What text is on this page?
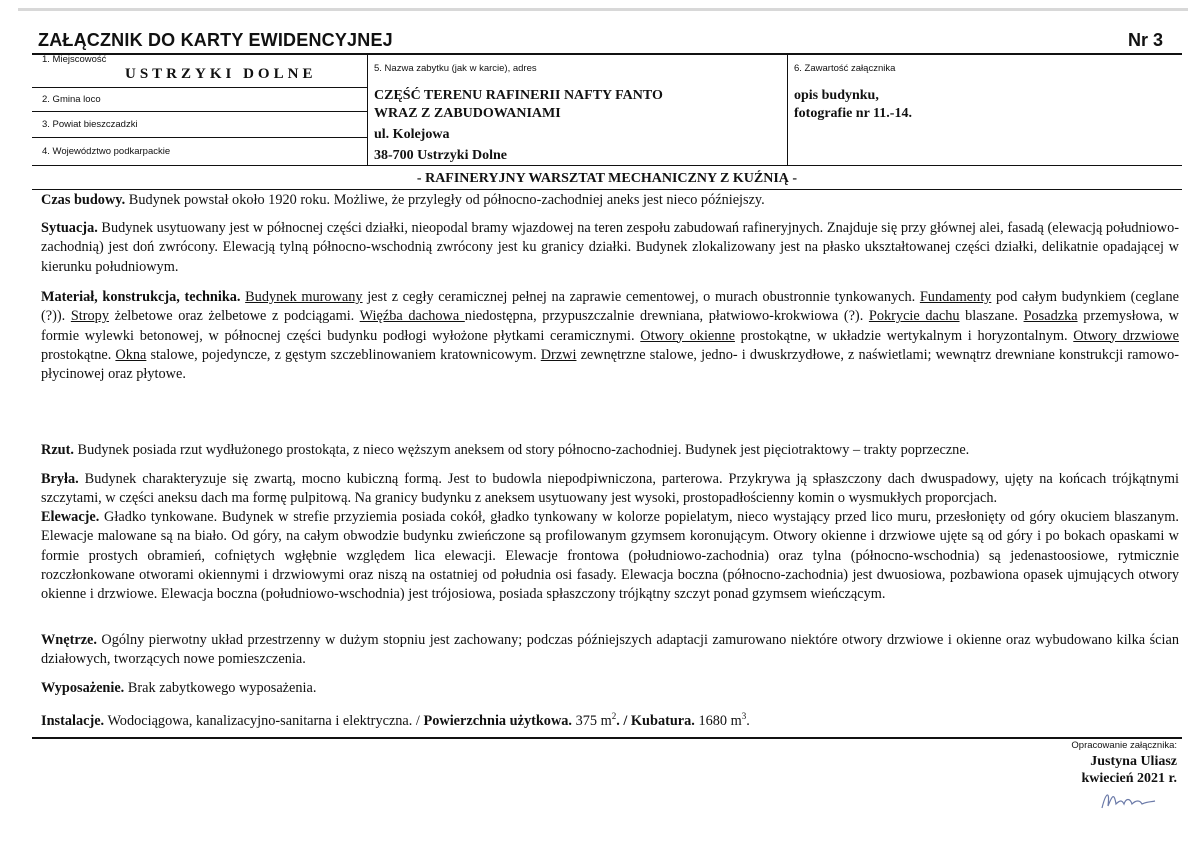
ZAŁĄCZNIK DO KARTY EWIDENCYJNEJ	Nr 3
1. Miejscowość
USTRZYKI DOLNE
2. Gmina loco
3. Powiat bieszczadzki
4. Województwo podkarpackie
5. Nazwa zabytku (jak w karcie), adres
CZĘŚĆ TERENU RAFINERII NAFTY FANTO
WRAZ Z ZABUDOWANIAMI
ul. Kolejowa
38-700 Ustrzyki Dolne
6. Zawartość załącznika
opis budynku,
fotografie nr 11.-14.
- RAFINERYJNY WARSZTAT MECHANICZNY Z KUŹNIĄ -
Czas budowy. Budynek powstał około 1920 roku. Możliwe, że przyległy od północno-zachodniej aneks jest nieco późniejszy.
Sytuacja. Budynek usytuowany jest w północnej części działki, nieopodal bramy wjazdowej na teren zespołu zabudowań rafineryjnych. Znajduje się przy głównej alei, fasadą (elewacją południowo-zachodnią) jest doń zwrócony. Elewacją tylną północno-wschodnią zwrócony jest ku granicy działki. Budynek zlokalizowany jest na płasko ukształtowanej części działki, delikatnie opadającej w kierunku południowym.
Materiał, konstrukcja, technika. Budynek murowany jest z cegły ceramicznej pełnej na zaprawie cementowej, o murach obustronnie tynkowanych. Fundamenty pod całym budynkiem (ceglane (?)). Stropy żelbetowe oraz żelbetowe z podciągami. Więźba dachowa niedostępna, przypuszczalnie drewniana, płatwiowo-krokwiowa (?). Pokrycie dachu blaszane. Posadzka przemysłowa, w formie wylewki betonowej, w północnej części budynku podłogi wyłożone płytkami ceramicznymi. Otwory okienne prostokątne, w układzie wertykalnym i horyzontalnym. Otwory drzwiowe prostokątne. Okna stalowe, pojedyncze, z gęstym szczeblinowaniem kratownicowym. Drzwi zewnętrzne stalowe, jedno- i dwuskrzydłowe, z naświetlami; wewnątrz drewniane konstrukcji ramowo-płycinowej oraz płytowe.
Rzut. Budynek posiada rzut wydłużonego prostokąta, z nieco węższym aneksem od story północno-zachodniej. Budynek jest pięciotraktowy – trakty poprzeczne.
Bryła. Budynek charakteryzuje się zwartą, mocno kubiczną formą. Jest to budowla niepodpiwniczona, parterowa. Przykrywa ją spłaszczony dach dwuspadowy, ujęty na końcach trójkątnymi szczytami, w części aneksu dach ma formę pulpitową. Na granicy budynku z aneksem usytuowany jest wysoki, prostopadłościenny komin o wysmukłych proporcjach.
Elewacje. Gładko tynkowane. Budynek w strefie przyziemia posiada cokół, gładko tynkowany w kolorze popielatym, nieco wystający przed lico muru, przesłonięty od góry okuciem blaszanym. Elewacje malowane są na biało. Od góry, na całym obwodzie budynku zwieńczone są profilowanym gzymsem koronującym. Otwory okienne i drzwiowe ujęte są od góry i po bokach opaskami w formie prostych obramień, cofniętych wgłębnie względem lica elewacji. Elewacje frontowa (południowo-zachodnia) oraz tylna (północno-wschodnia) są jedenastoosiowe, rytmicznie rozczłonkowane otworami okiennymi i drzwiowymi oraz niszą na ostatniej od południa osi fasady. Elewacja boczna (północno-zachodnia) jest dwuosiowa, pozbawiona opasek ujmujących otwory okienne i drzwiowe. Elewacja boczna (południowo-wschodnia) jest trójosiowa, posiada spłaszczony trójkątny szczyt ponad gzymsem wieńczącym.
Wnętrze. Ogólny pierwotny układ przestrzenny w dużym stopniu jest zachowany; podczas późniejszych adaptacji zamurowano niektóre otwory drzwiowe i okienne oraz wybudowano kilka ścian działowych, tworzących nowe pomieszczenia.
Wyposażenie. Brak zabytkowego wyposażenia.
Instalacje. Wodociągowa, kanalizacyjno-sanitarna i elektryczna. / Powierzchnia użytkowa. 375 $m^2$. / Kubatura. 1680 $m^3$.
Opracowanie załącznika:
Justyna Uliasz
kwiecień 2021 r.
